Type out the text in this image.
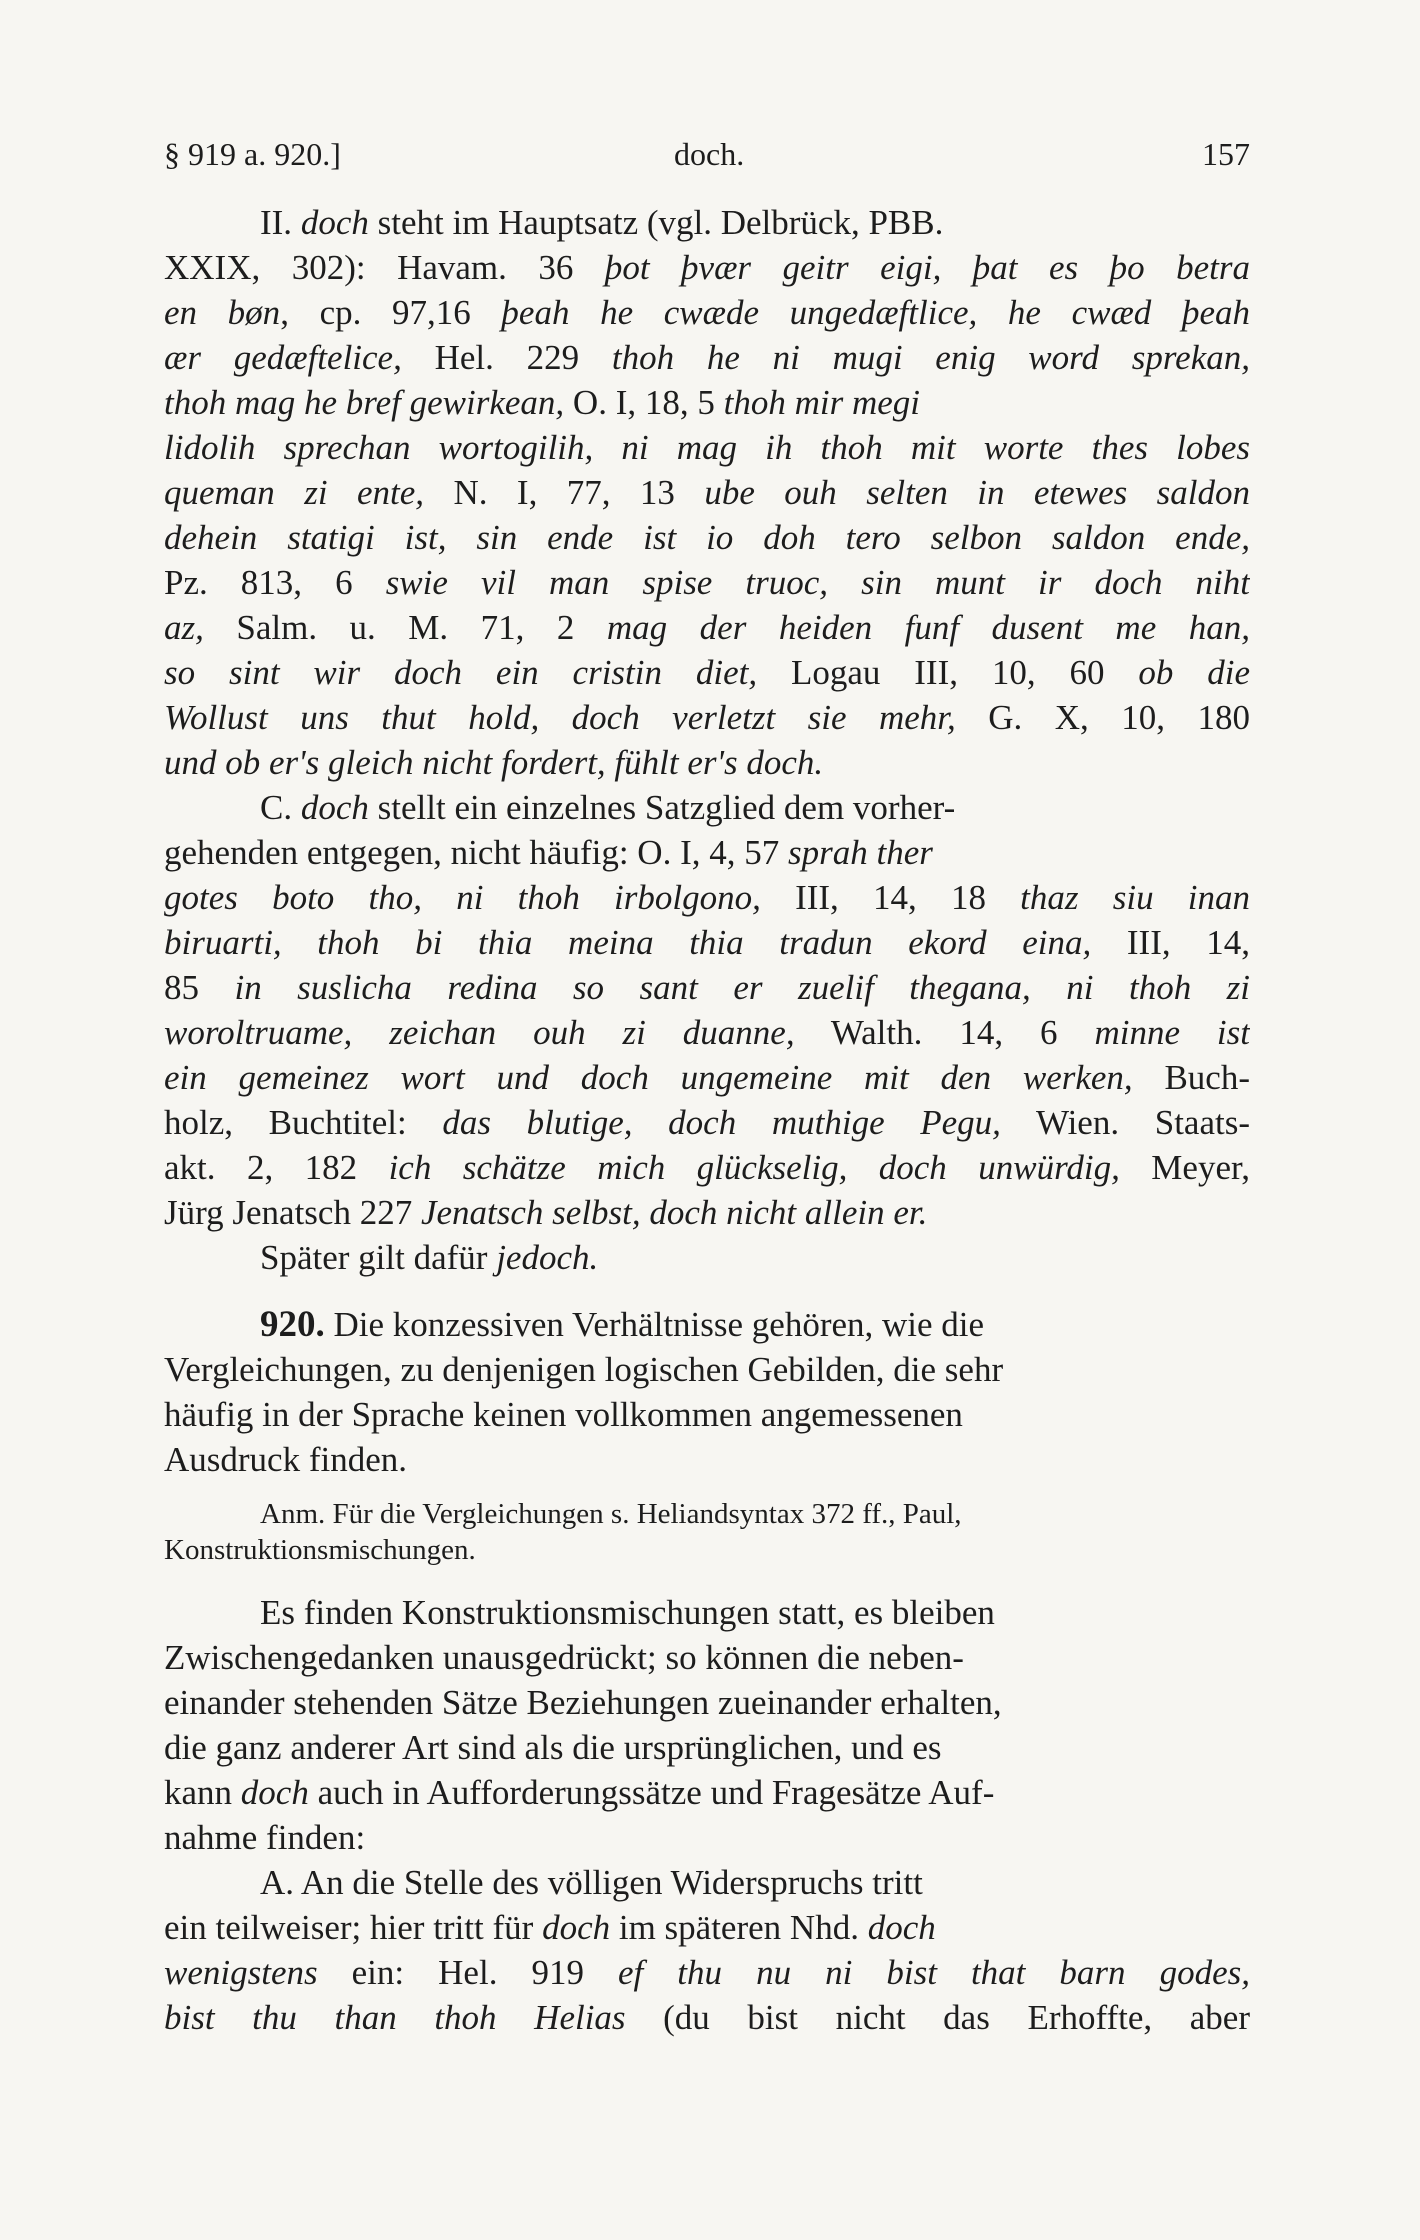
§ 919 a. 920.]	doch.	157
II. doch steht im Hauptsatz (vgl. Delbrück, PBB.
XXIX, 302): Havam. 36 þot þvær geitr eigi, þat es þo betra
en bøn, cp. 97,16 þeah he cwæde ungedæftlice, he cwæd þeah
ær gedæftelice, Hel. 229 thoh he ni mugi enig word sprekan,
thoh mag he bref gewirkean, O. I, 18, 5 thoh mir megi
lidolih sprechan wortogilih, ni mag ih thoh mit worte thes lobes
queman zi ente, N. I, 77, 13 ube ouh selten in etewes saldon
dehein statigi ist, sin ende ist io doh tero selbon saldon ende,
Pz. 813, 6 swie vil man spise truoc, sin munt ir doch niht
az, Salm. u. M. 71, 2 mag der heiden funf dusent me han,
so sint wir doch ein cristin diet, Logau III, 10, 60 ob die
Wollust uns thut hold, doch verletzt sie mehr, G. X, 10, 180
und ob er's gleich nicht fordert, fühlt er's doch.
C. doch stellt ein einzelnes Satzglied dem vorher-
gehenden entgegen, nicht häufig: O. I, 4, 57 sprah ther
gotes boto tho, ni thoh irbolgono, III, 14, 18 thaz siu inan
biruarti, thoh bi thia meina thia tradun ekord eina, III, 14,
85 in suslicha redina so sant er zuelif thegana, ni thoh zi
woroltruame, zeichan ouh zi duanne, Walth. 14, 6 minne ist
ein gemeinez wort und doch ungemeine mit den werken, Buch-
holz, Buchtitel: das blutige, doch muthige Pegu, Wien. Staats-
akt. 2, 182 ich schätze mich glückselig, doch unwürdig, Meyer,
Jürg Jenatsch 227 Jenatsch selbst, doch nicht allein er.
Später gilt dafür jedoch.
920. Die konzessiven Verhältnisse gehören, wie die
Vergleichungen, zu denjenigen logischen Gebilden, die sehr
häufig in der Sprache keinen vollkommen angemessenen
Ausdruck finden.
Anm. Für die Vergleichungen s. Heliandsyntax 372 ff., Paul,
Konstruktionsmischungen.
Es finden Konstruktionsmischungen statt, es bleiben
Zwischengedanken unausgedrückt; so können die neben-
einander stehenden Sätze Beziehungen zueinander erhalten,
die ganz anderer Art sind als die ursprünglichen, und es
kann doch auch in Aufforderungssätze und Fragesätze Auf-
nahme finden:
A. An die Stelle des völligen Widerspruchs tritt
ein teilweiser; hier tritt für doch im späteren Nhd. doch
wenigstens ein: Hel. 919 ef thu nu ni bist that barn godes,
bist thu than thoh Helias (du bist nicht das Erhoffte, aber
